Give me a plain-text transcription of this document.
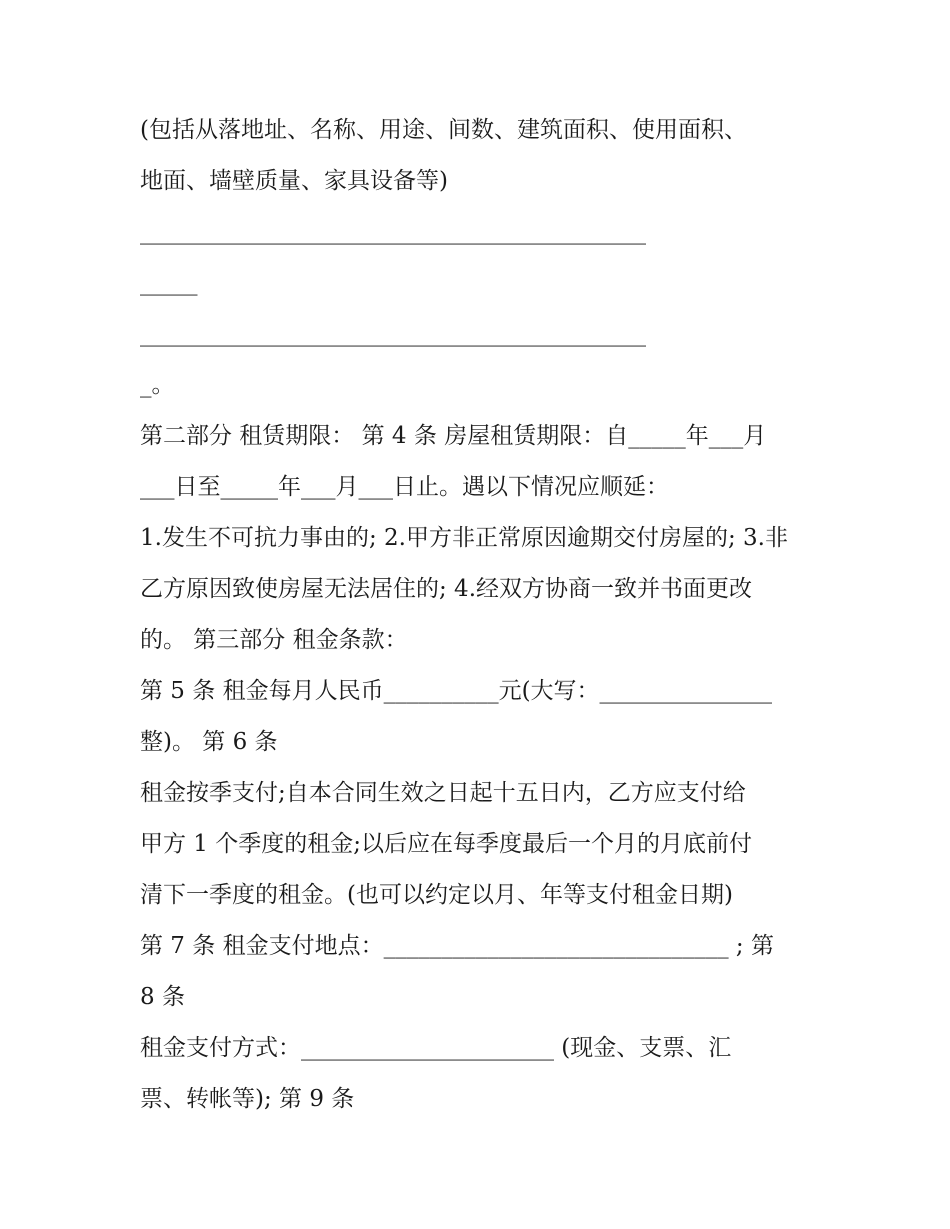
(包括从落地址、名称、用途、间数、建筑面积、使用面积、
地面、墙壁质量、家具设备等)
____________________________________________
_____
____________________________________________
_。
第二部分 租赁期限： 第 4 条 房屋租赁期限：自_____年___月
___日至_____年___月___日止。遇以下情况应顺延：
1.发生不可抗力事由的; 2.甲方非正常原因逾期交付房屋的; 3.非
乙方原因致使房屋无法居住的; 4.经双方协商一致并书面更改
的。 第三部分 租金条款：
第 5 条 租金每月人民币__________元(大写：_______________
整)。 第 6 条
租金按季支付;自本合同生效之日起十五日内，乙方应支付给
甲方 1 个季度的租金;以后应在每季度最后一个月的月底前付
清下一季度的租金。(也可以约定以月、年等支付租金日期)
第 7 条 租金支付地点：______________________________ ; 第
8 条
租金支付方式：______________________ (现金、支票、汇
票、转帐等); 第 9 条
